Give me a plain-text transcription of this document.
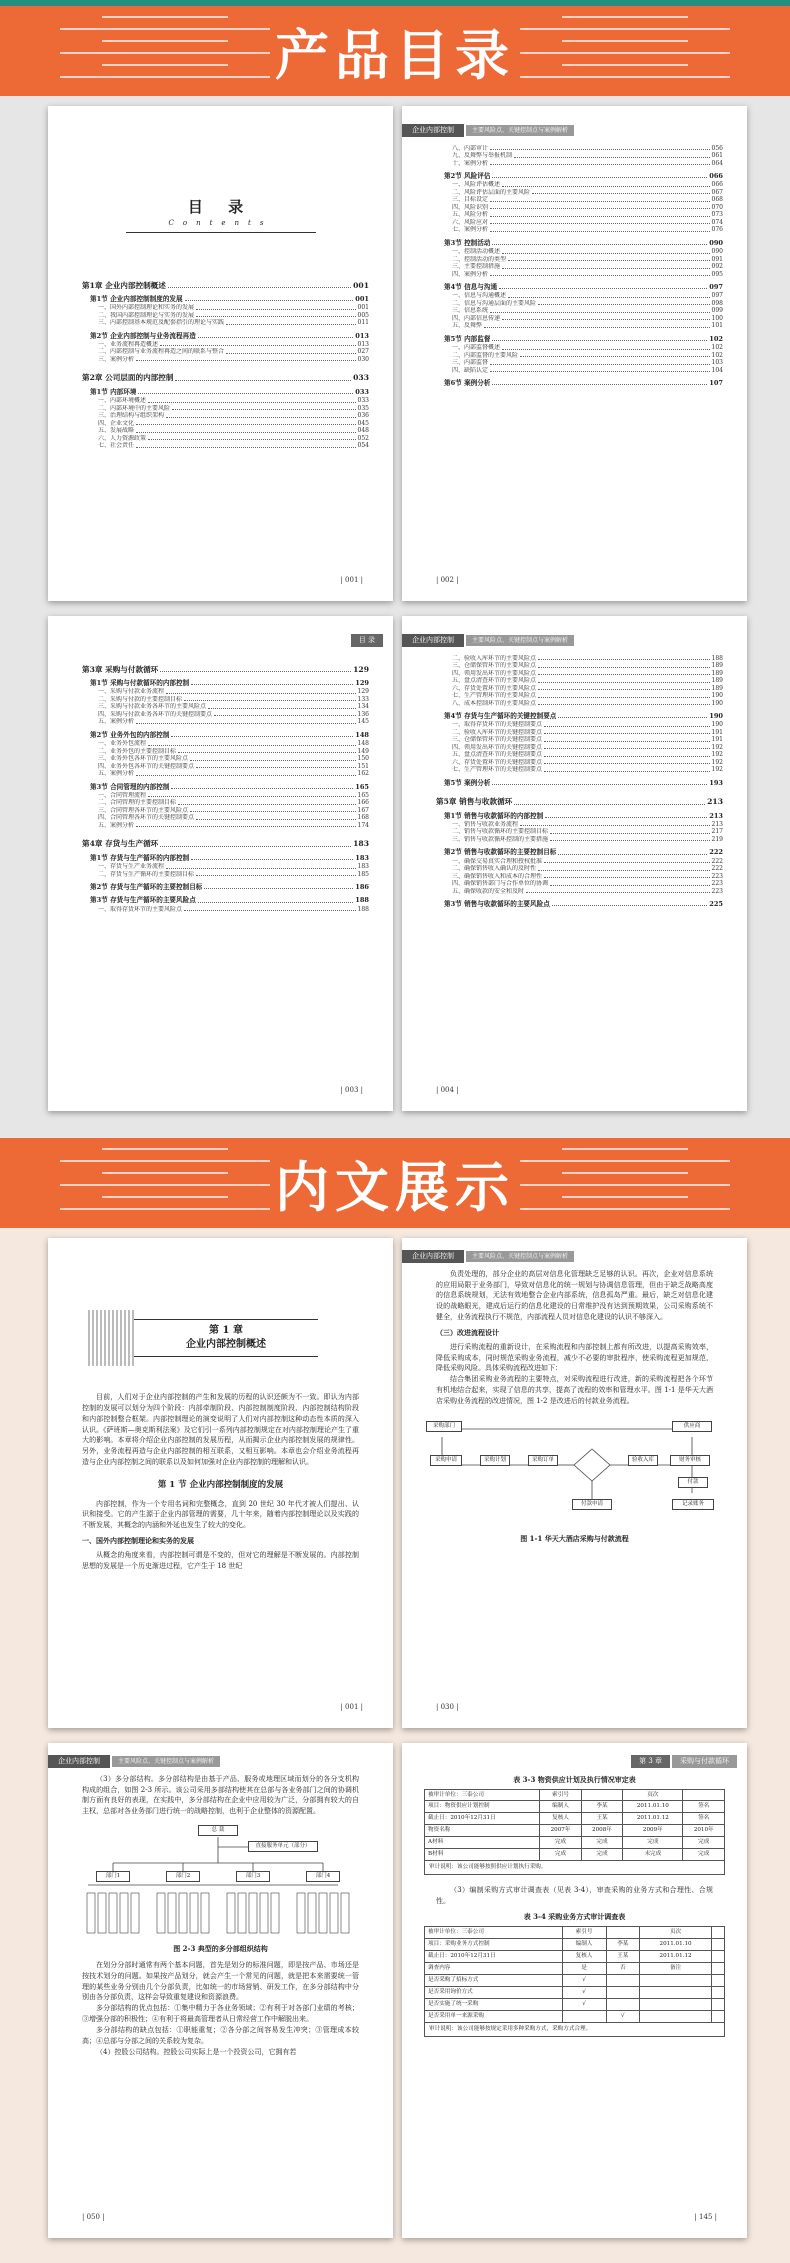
产品目录
目 录
Contents
第1章 企业内部控制概述	001
第1节 企业内部控制制度的发展	001
一、国外内部控制理论和实务的发展	001
二、我国内部控制理论与实务的发展	005
三、内部控制基本规范及配套指引的理论与实践	011
第2节 企业内部控制与业务流程再造	013
一、业务流程再造概述	013
二、内部控制与业务流程再造之间的联系与整合	027
三、案例分析	030
第2章 公司层面的内部控制	033
第1节 内部环境	033
一、内部环境概述	033
二、内部环境中的主要风险	035
三、治理结构与组织架构	036
四、企业文化	045
五、发展战略	048
六、人力资源政策	052
七、社会责任	054
| 001 |
企业内部控制	主要风险点、关键控制点与案例解析
八、内部审计	056
九、反舞弊与举报机制	061
十、案例分析	064
第2节 风险评估	066
一、风险评估概述	066
二、风险评估层面的主要风险	067
三、目标设定	068
四、风险识别	070
五、风险分析	073
六、风险应对	074
七、案例分析	076
第3节 控制活动	090
一、控制活动概述	090
二、控制活动的类型	091
三、主要控制措施	092
四、案例分析	095
第4节 信息与沟通	097
一、信息与沟通概述	097
二、信息与沟通层面的主要风险	098
三、信息系统	099
四、内部信息传递	100
五、反舞弊	101
第5节 内部监督	102
一、内部监督概述	102
二、内部监督的主要风险	102
三、内部监督	103
四、缺陷认定	104
第6节 案例分析	107
| 002 |
目 录
第3章 采购与付款循环	129
第1节 采购与付款循环的内部控制	129
一、采购与付款业务流程	129
二、采购与付款的主要控制目标	133
三、采购与付款业务各环节的主要风险点	134
四、采购与付款业务各环节的关键控制要点	136
五、案例分析	145
第2节 业务外包的内部控制	148
一、业务外包流程	148
二、业务外包的主要控制目标	149
三、业务外包各环节的主要风险点	150
四、业务外包各环节的关键控制要点	151
五、案例分析	162
第3节 合同管理的内部控制	165
一、合同管理流程	165
二、合同管理的主要控制目标	166
三、合同管理各环节的主要风险点	167
四、合同管理各环节的关键控制要点	168
五、案例分析	174
第4章 存货与生产循环	183
第1节 存货与生产循环的内部控制	183
一、存货与生产业务流程	183
二、存货与生产循环的主要控制目标	185
第2节 存货与生产循环的主要控制目标	186
第3节 存货与生产循环的主要风险点	188
一、取得存货环节的主要风险点	188
| 003 |
企业内部控制	主要风险点、关键控制点与案例解析
二、验收入库环节的主要风险点	188
三、仓储保管环节的主要风险点	189
四、领用发出环节的主要风险点	189
五、盘点清查环节的主要风险点	189
六、存货处置环节的主要风险点	189
七、生产管理环节的主要风险点	190
八、成本控制环节的主要风险点	190
第4节 存货与生产循环的关键控制要点	190
一、取得存货环节的关键控制要点	190
二、验收入库环节的关键控制要点	191
三、仓储保管环节的关键控制要点	191
四、领用发出环节的关键控制要点	192
五、盘点清查环节的关键控制要点	192
六、存货处置环节的关键控制要点	192
七、生产管理环节的关键控制要点	192
第5节 案例分析	193
第5章 销售与收款循环	213
第1节 销售与收款循环的内部控制	213
一、销售与收款业务流程	213
二、销售与收款循环的主要控制目标	217
三、销售与收款循环控制的主要措施	219
第2节 销售与收款循环的主要控制目标	222
一、确保交易真实合理和授权批准	222
二、确保销售收入确认的及时性	222
三、确保销售收入和成本的合理性	223
四、确保销售部门与合作单位的协调	223
五、确保收款的安全和及时	223
第3节 销售与收款循环的主要风险点	225
| 004 |
内文展示
第 1 章
企业内部控制概述

目前，人们对于企业内部控制的产生和发展的历程的认识还颇为不一致。即认为内部控制的发展可以划分为四个阶段：内部牵制阶段、内部控制制度阶段、内部控制结构阶段和内部控制整合框架。内部控制理论的演变说明了人们对内部控制这种动态性本质的深入认识。《萨班斯—奥克斯利法案》及它们引一系列内部控制规定在对内部控制理论产生了重大的影响。本章将介绍企业内部控制的发展历程，从而揭示企业内部控制发展的规律性。另外，业务流程再造与企业内部控制的相互联系，又相互影响。本章也会介绍业务流程再造与企业内部控制之间的联系以及如何加强对企业内部控制的理解和认识。

第 1 节 企业内部控制制度的发展

内部控制，作为一个专用名词和完整概念，直到 20 世纪 30 年代才被人们提出、认识和接受。它的产生源于企业内部管理的需要，几十年来，随着内部控制理论以及实践的不断发展，其概念的内涵和外延也发生了较大的变化。

一、国外内部控制理论和实务的发展

从概念的角度来看，内部控制可谓是不变的，但对它的理解是不断发展的。内部控制思想的发展是一个历史渐进过程，它产生于 18 世纪

| 001 |
企业内部控制	主要风险点、关键控制点与案例解析

负责处理的，部分企业的高层对信息化管理缺乏足够的认识。再次，企业对信息系统的应用局限于业务部门，导致对信息化的统一规划与协调信息管理，但由于缺乏战略高度的信息系统规划，无法有效地整合企业内部系统，信息孤岛严重。最后，缺乏对信息化建设的战略眼光，建成后运行的信息化建设的日常维护没有达到预期效果，公司采购系统不健全，业务流程执行不规范，内部流程人员对信息化建设的认识不够深入。

（三）改进流程设计

进行采购流程的重新设计，在采购流程和内部控制上都有所改进，以提高采购效率，降低采购成本，同时规范采购业务流程，减少不必要的审批程序，使采购流程更加规范，降低采购风险。具体采购流程改进如下：

结合集团采购业务流程的主要特点，对采购流程进行改进，新的采购流程把各个环节有机地结合起来，实现了信息的共享，提高了流程的效率和管理水平。图 1-1 是华天大酒店采购业务流程的改进情况，图 1-2 是改进后的付款业务流程。

采购部门
采购申请	采购计划	采购订单	验收入库
付款申请
财务审核
付款
记录账务
供应商
图 1-1 华天大酒店采购与付款流程
| 030 |
企业内部控制	主要风险点、关键控制点与案例解析

（3）多分部结构。多分部结构是由基于产品、服务或地理区域而划分的各分支机构构成的组合，如图 2-3 所示。该公司采用多部结构使其在总部与各业务部门之间的协调机制方面有良好的表现，在实践中，多分部结构在企业中应用较为广泛，分部拥有较大的自主权，总部对各业务部门进行统一的战略控制，也利于企业整体的资源配置。

总 裁
直接服务单元（部分）
部门1	部门2	部门3	部门4
图 2-3 典型的多分部组织结构

在划分分部时通常有两个基本问题，首先是划分的标准问题，即是按产品、市场还是按技术划分的问题。如果按产品划分，就会产生一个常见的问题，就是把本来需要统一管理的某些业务分别由几个分部负责，比如统一的市场营销、研发工作，在多分部结构中分别由各分部负责，这样会导致重复建设和资源浪费。

多分部结构的优点包括：①集中精力于各业务领域；②有利于对各部门业绩的考核；③增强分部的积极性；④有利于将最高管理者从日常经营工作中解脱出来。

多分部结构的缺点包括：①职能重复；②各分部之间容易发生冲突；③管理成本较高；④总部与分部之间的关系较为复杂。

（4）控股公司结构。控股公司实际上是一个投资公司，它拥有若

| 050 |
第 3 章	采购与付款循环
表 3-3 物资供应计划及执行情况审定表
被审计单位：三泰公司	索引号		页次	
项目：物资供应计划控制	编制人	李某	2011.01.10	签名
截止日：2010年12月31日	复核人	王某	2011.01.12	签名
物资名称	2007年	2008年	2009年	2010年
A材料	完成	完成	完成	完成
B材料	完成	完成	未完成	完成
审计说明：该公司能够按照供应计划执行采购。

（3）编制采购方式审计调查表（见表 3-4），审查采购的业务方式和合理性、合规性。

表 3-4 采购业务方式审计调查表
被审计单位：三泰公司	索引号		页次	
项目：采购业务方式控制	编制人	李某	2011.01.10	
截止日：2010年12月31日	复核人	王某	2011.01.12	
调查内容	是	否	备注	
是否采购了招标方式	√			
是否采用询价方式	√			
是否实施了统一采购	√			
是否采用单一来源采购		√		
审计说明：该公司能够按规定采用多种采购方式，采购方式合理。
| 145 |
